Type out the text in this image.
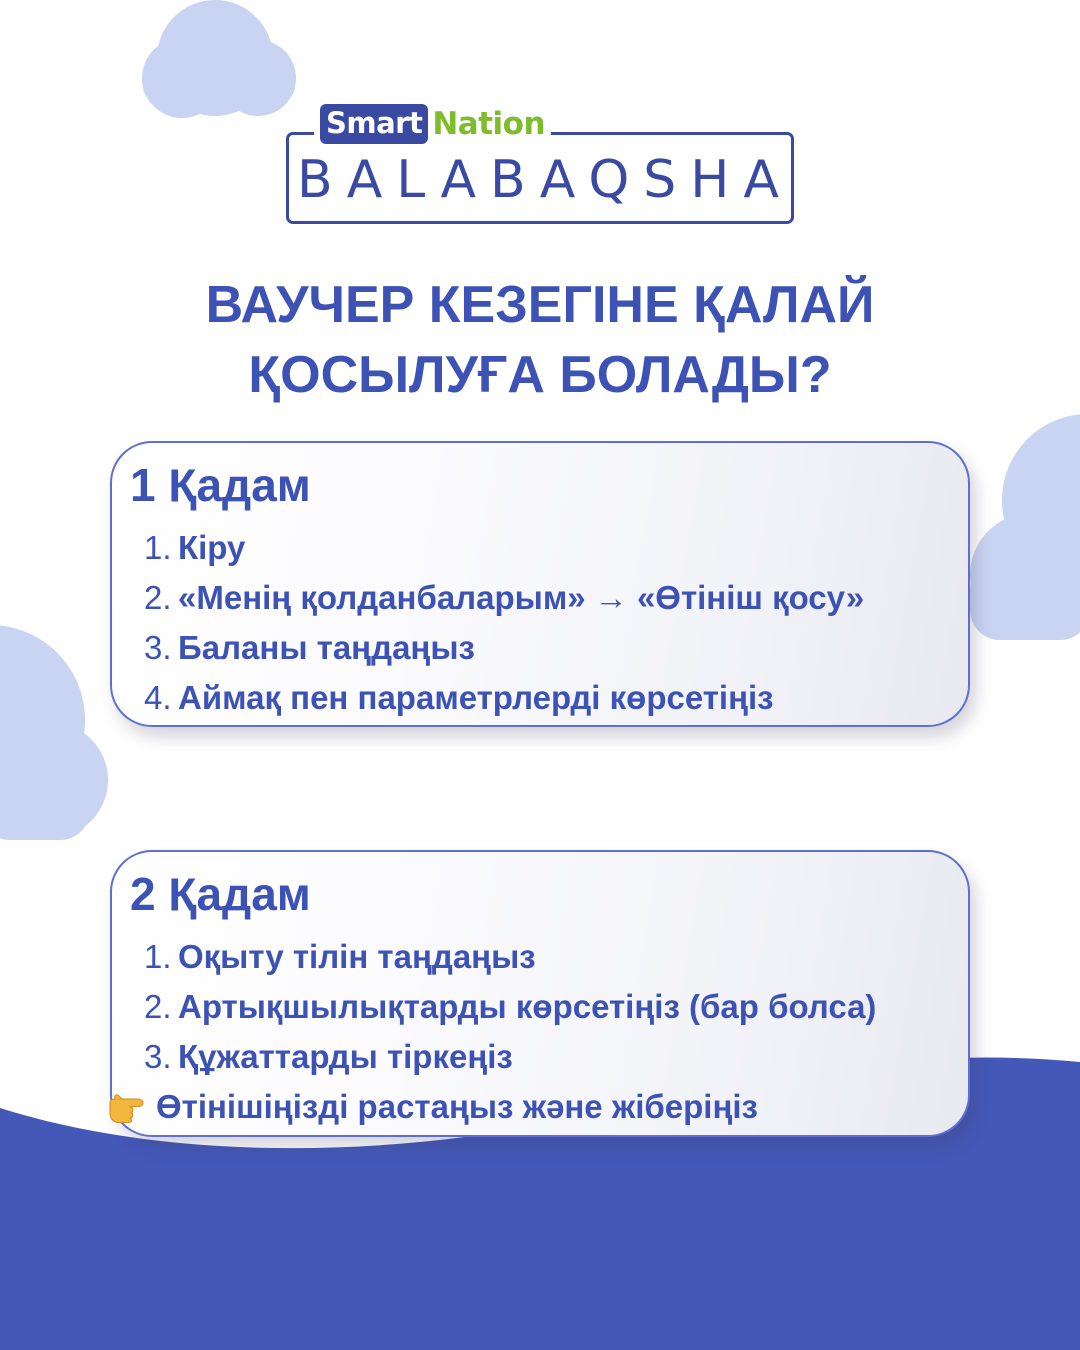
Smart Nation
BALABAQSHA
ВАУЧЕР КЕЗЕГІНЕ ҚАЛАЙ
ҚОСЫЛУҒА БОЛАДЫ?
1 Қадам
1. Кіру
2. «Менің қолданбаларым» → «Өтініш қосу»
3. Баланы таңдаңыз
4. Аймақ пен параметрлерді көрсетіңіз
2 Қадам
1. Оқыту тілін таңдаңыз
2. Артықшылықтарды көрсетіңіз (бар болса)
3. Құжаттарды тіркеңіз
Өтінішіңізді растаңыз және жіберіңіз
